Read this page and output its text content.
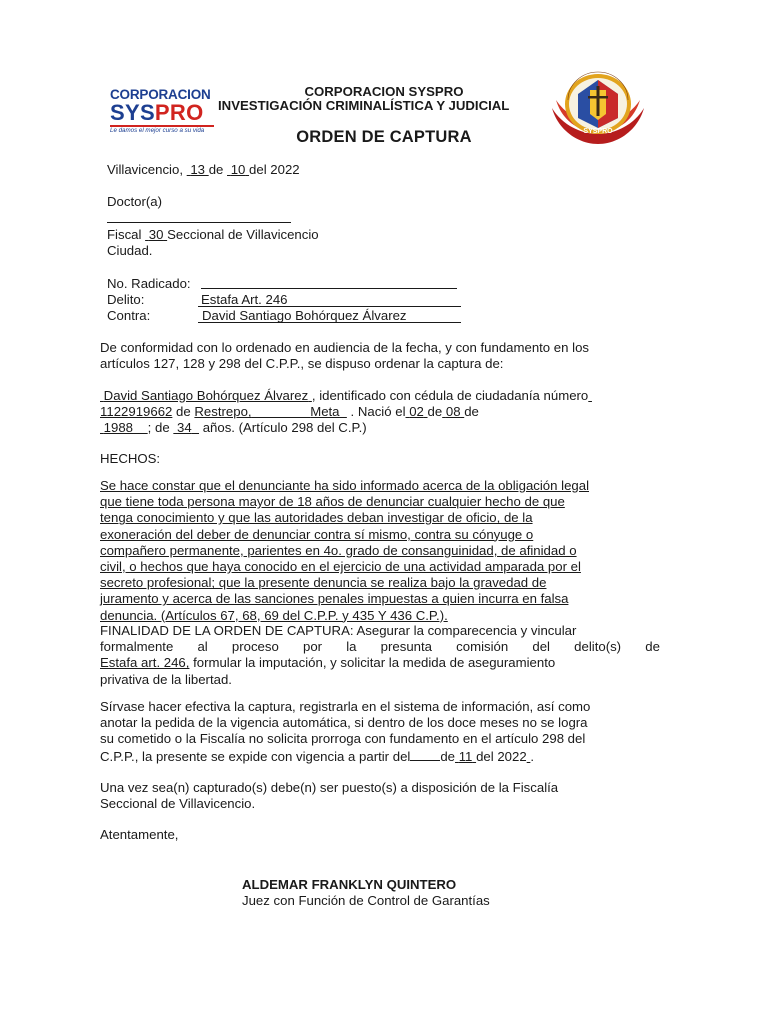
CORPORACION
SYSPRO
Le damos el mejor curso a su vida	SYSPRO
CORPORACION SYSPRO
INVESTIGACIÓN CRIMINALÍSTICA Y JUDICIAL
ORDEN DE CAPTURA
Villavicencio, 13 de 10 del 2022
Doctor(a)
Fiscal 30 Seccional de Villavicencio
Ciudad.
No. Radicado:
Delito:	Estafa Art. 246
Contra:	David Santiago Bohórquez Álvarez
De conformidad con lo ordenado en audiencia de la fecha, y con fundamento en los
artículos 127, 128 y 298 del C.P.P., se dispuso ordenar la captura de:
David Santiago Bohórquez Álvarez , identificado con cédula de ciudadanía número
1122919662 de Restrepo,	Meta . Nació el 02 de 08 de
1988 ; de 34 años. (Artículo 298 del C.P.)
HECHOS:
Se hace constar que el denunciante ha sido informado acerca de la obligación legal
que tiene toda persona mayor de 18 años de denunciar cualquier hecho de que
tenga conocimiento y que las autoridades deban investigar de oficio, de la
exoneración del deber de denunciar contra sí mismo, contra su cónyuge o
compañero permanente, parientes en 4o. grado de consanguinidad, de afinidad o
civil, o hechos que haya conocido en el ejercicio de una actividad amparada por el
secreto profesional; que la presente denuncia se realiza bajo la gravedad de
juramento y acerca de las sanciones penales impuestas a quien incurra en falsa
denuncia. (Artículos 67, 68, 69 del C.P.P. y 435 Y 436 C.P.).
FINALIDAD DE LA ORDEN DE CAPTURA: Asegurar la comparecencia y vincular
formalmente al proceso por la presunta comisión del delito(s) de
Estafa art. 246, formular la imputación, y solicitar la medida de aseguramiento
privativa de la libertad.
Sírvase hacer efectiva la captura, registrarla en el sistema de información, así como
anotar la pedida de la vigencia automática, si dentro de los doce meses no se logra
su cometido o la Fiscalía no solicita prorroga con fundamento en el artículo 298 del
C.P.P., la presente se expide con vigencia a partir del de 11 del 2022 .
Una vez sea(n) capturado(s) debe(n) ser puesto(s) a disposición de la Fiscalía
Seccional de Villavicencio.
Atentamente,
ALDEMAR FRANKLYN QUINTERO
Juez con Función de Control de Garantías
